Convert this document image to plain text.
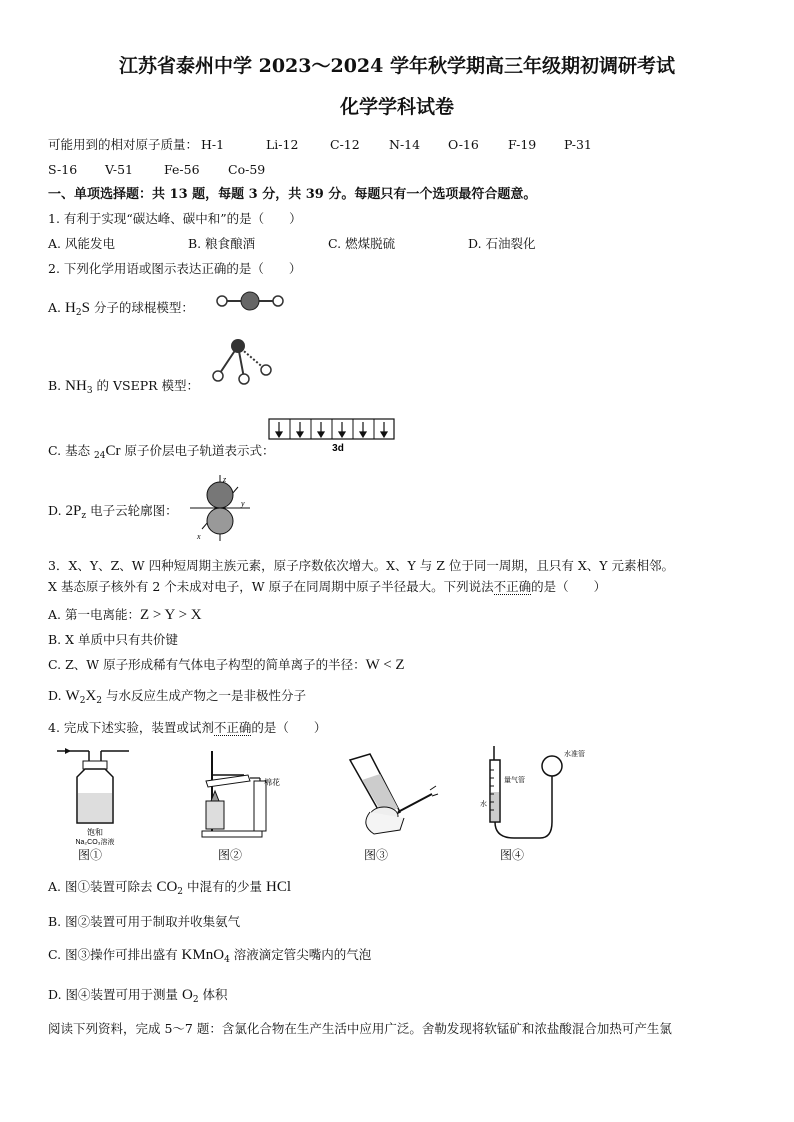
江苏省泰州中学 2023～2024 学年秋学期高三年级期初调研考试
化学学科试卷
可能用到的相对原子质量： H-1	Li-12	C-12 N-14 O-16 F-19 P-31
S-16 V-51 Fe-56 Co-59
一、单项选择题：共 13 题，每题 3 分，共 39 分。每题只有一个选项最符合题意。
1. 有利于实现“碳达峰、碳中和”的是（　　）
A. 风能发电	B. 粮食酿酒	C. 燃煤脱硫	D. 石油裂化
2. 下列化学用语或图示表达正确的是（　　）
A. $H_2S$ 分子的球棍模型：
B. $NH_3$ 的 VSEPR 模型：
C. 基态 $_{24}$Cr 原子价层电子轨道表示式：	3d
D. $2P_z$ 电子云轮廓图：
z
y
x
3．X、Y、Z、W 四种短周期主族元素，原子序数依次增大。X、Y 与 Z 位于同一周期，且只有 X、Y 元素相邻。
X 基态原子核外有 2 个未成对电子，W 原子在同周期中原子半径最大。下列说法不正确的是（　　）
A. 第一电离能：Z > Y > X
B. X 单质中只有共价键
C. Z、W 原子形成稀有气体电子构型的简单离子的半径：W < Z
D. $W_2X_2$ 与水反应生成产物之一是非极性分子
4. 完成下述实验，装置或试剂不正确的是（　　）
饱和
Na₂CO₃溶液
图①
棉花
图②	图③
量气管
水准管
水
图④
A. 图①装置可除去 $CO_2$ 中混有的少量 HCl
B. 图②装置可用于制取并收集氨气
C. 图③操作可排出盛有 KMnO$_4$ 溶液滴定管尖嘴内的气泡
D. 图④装置可用于测量 $O_2$ 体积
阅读下列资料，完成 5～7 题：含氯化合物在生产生活中应用广泛。舍勒发现将软锰矿和浓盐酸混合加热可产生氯
